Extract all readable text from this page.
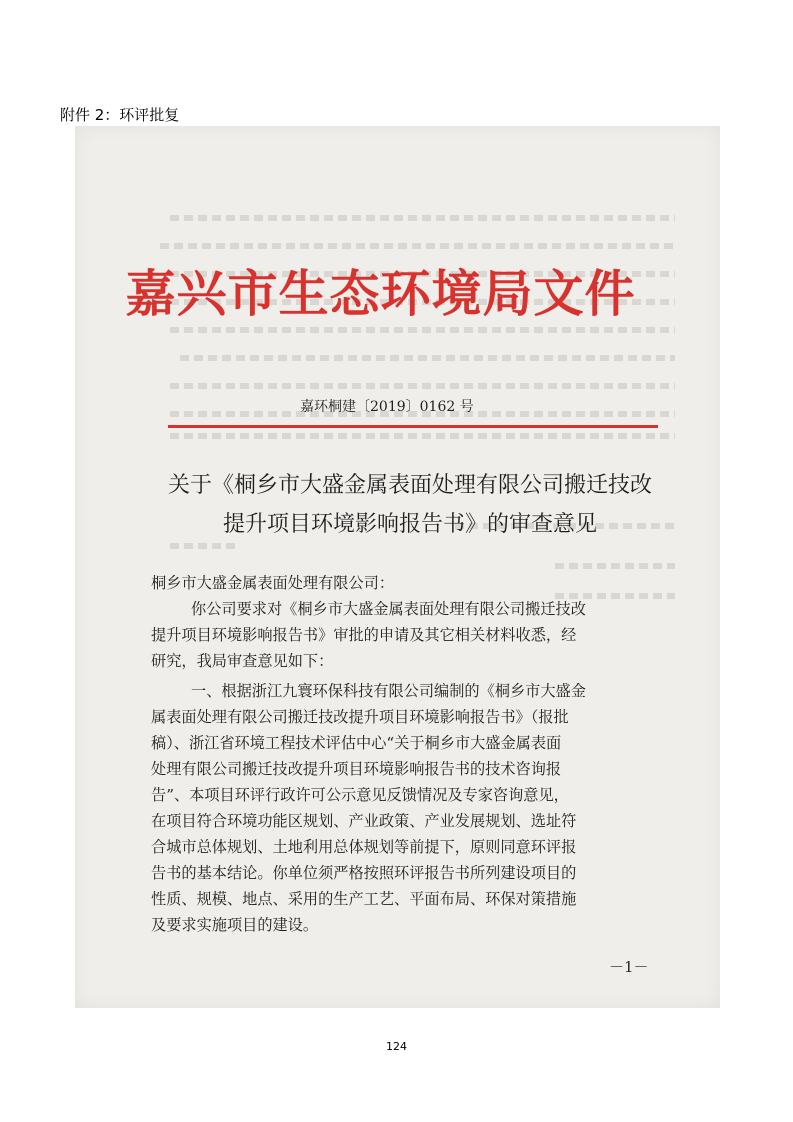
附件 2：环评批复
嘉兴市生态环境局文件
嘉环桐建〔2019〕0162 号
关于《桐乡市大盛金属表面处理有限公司搬迁技改
提升项目环境影响报告书》的审查意见
桐乡市大盛金属表面处理有限公司：
你公司要求对《桐乡市大盛金属表面处理有限公司搬迁技改
提升项目环境影响报告书》审批的申请及其它相关材料收悉，经
研究，我局审查意见如下：
一、根据浙江九寰环保科技有限公司编制的《桐乡市大盛金
属表面处理有限公司搬迁技改提升项目环境影响报告书》（报批
稿）、浙江省环境工程技术评估中心“关于桐乡市大盛金属表面
处理有限公司搬迁技改提升项目环境影响报告书的技术咨询报
告”、本项目环评行政许可公示意见反馈情况及专家咨询意见，
在项目符合环境功能区规划、产业政策、产业发展规划、选址符
合城市总体规划、土地利用总体规划等前提下，原则同意环评报
告书的基本结论。你单位须严格按照环评报告书所列建设项目的
性质、规模、地点、采用的生产工艺、平面布局、环保对策措施
及要求实施项目的建设。
－1－
124
